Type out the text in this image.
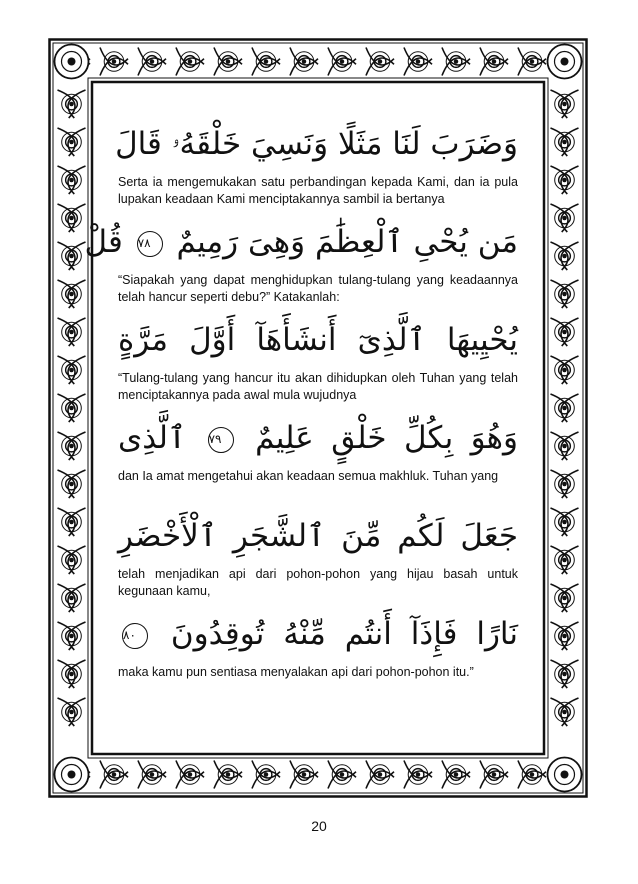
وَضَرَبَ لَنَا مَثَلًا وَنَسِيَ خَلْقَهُۥ قَالَ

Serta ia mengemukakan satu perbandingan kepada Kami, dan ia pula lupakan keadaan Kami menciptakannya sambil ia bertanya

مَن يُحْىِ ٱلْعِظَٰمَ وَهِىَ رَمِيمٌ ٧٨ قُلْ

“Siapakah yang dapat menghidupkan tulang-tulang yang keadaannya telah hancur seperti debu?” Katakanlah:

يُحْيِيهَا ٱلَّذِىٓ أَنشَأَهَآ أَوَّلَ مَرَّةٍ

“Tulang-tulang yang hancur itu akan dihidupkan oleh Tuhan yang telah menciptakannya pada awal mula wujudnya

وَهُوَ بِكُلِّ خَلْقٍ عَلِيمٌ ٧٩ ٱلَّذِى

dan Ia amat mengetahui akan keadaan semua makhluk. Tuhan yang

جَعَلَ لَكُم مِّنَ ٱلشَّجَرِ ٱلْأَخْضَرِ

telah menjadikan api dari pohon-pohon yang hijau basah untuk kegunaan kamu,

نَارًا فَإِذَآ أَنتُم مِّنْهُ تُوقِدُونَ ٨٠

maka kamu pun sentiasa menyalakan api dari pohon-pohon itu.”

20
